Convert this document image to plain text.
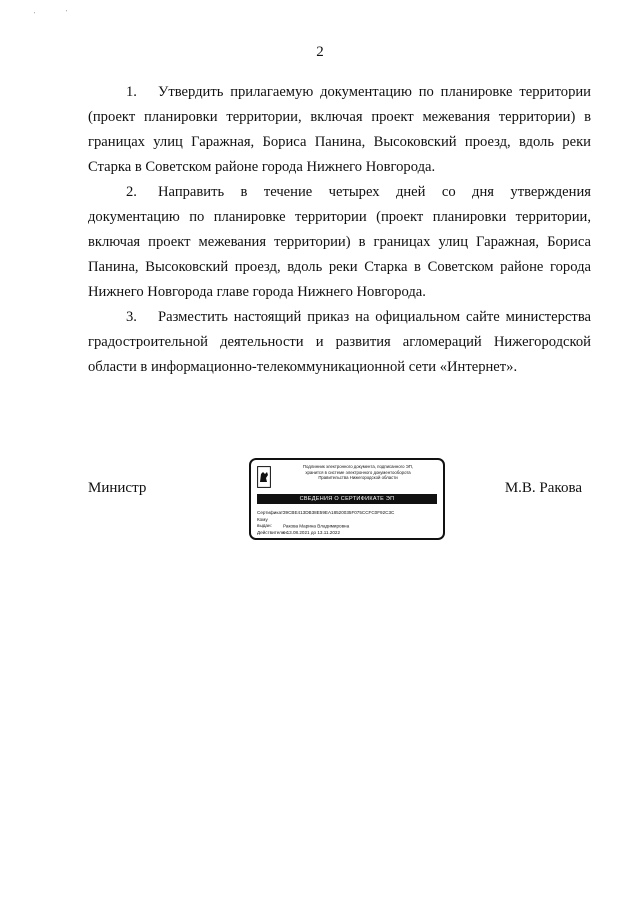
'	'
2

1. Утвердить прилагаемую документацию по планировке территории (проект планировки территории, включая проект межевания территории) в границах улиц Гаражная, Бориса Панина, Высоковский проезд, вдоль реки Старка в Советском районе города Нижнего Новгорода.

2. Направить в течение четырех дней со дня утверждения документацию по планировке территории (проект планировки территории, включая проект межевания территории) в границах улиц Гаражная, Бориса Панина, Высоковский проезд, вдоль реки Старка в Советском районе города Нижнего Новгорода главе города Нижнего Новгорода.

3. Разместить настоящий приказ на официальном сайте министерства градостроительной деятельности и развития агломераций Нижегородской области в информационно-телекоммуникационной сети «Интернет».

Министр
Подлинник электронного документа, подписанного ЭП,
хранится в системе электронного документооборота
Правительства Нижегородской области
СВЕДЕНИЯ О СЕРТИФИКАТЕ ЭП
Сертификат:39CBE413DB38E59EA18520035F075CCFC0F92C3C
Кому выдан: Ракова Марина Владимировна
Действителен:с 13.08.2021 до 13.11.2022
М.В. Ракова
